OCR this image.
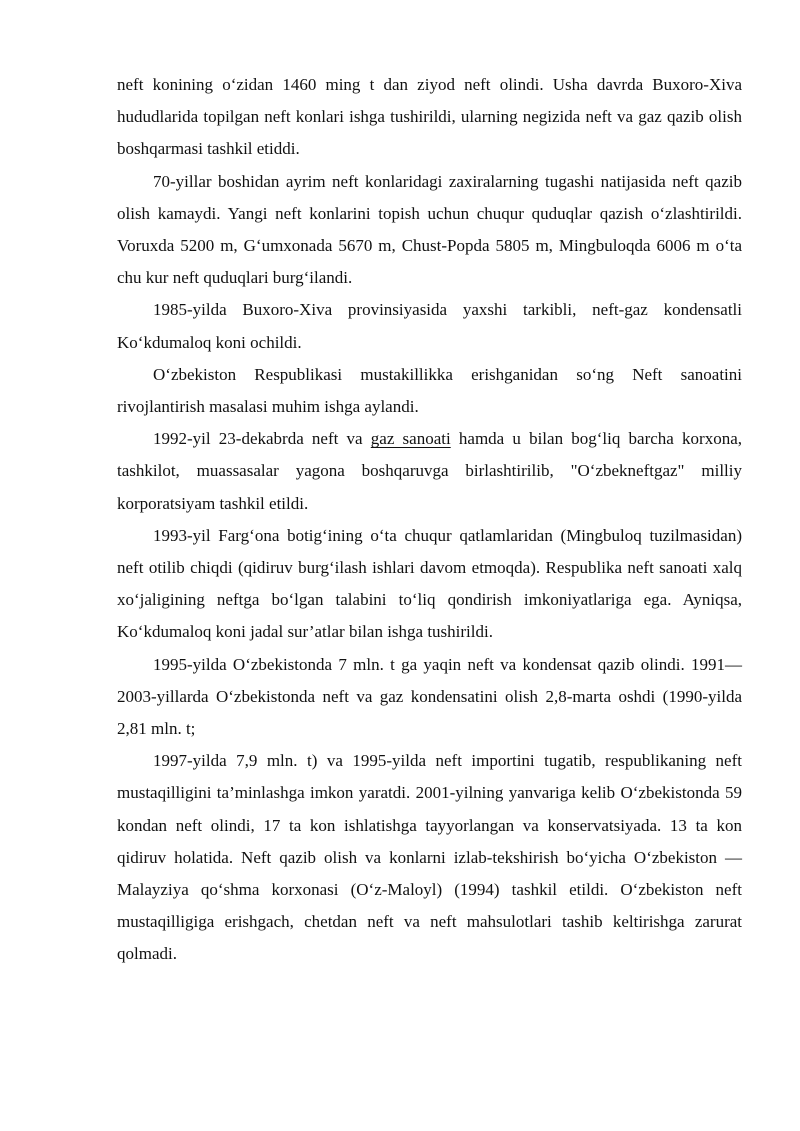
neft konining o‘zidan 1460 ming t dan ziyod neft olindi. Usha davrda Buxoro-Xiva hududlarida topilgan neft konlari ishga tushirildi, ularning negizida neft va gaz qazib olish boshqarmasi tashkil etiddi.

70-yillar boshidan ayrim neft konlaridagi zaxiralarning tugashi natijasida neft qazib olish kamaydi. Yangi neft konlarini topish uchun chuqur quduqlar qazish o‘zlashtirildi. Voruxda 5200 m, G‘umxonada 5670 m, Chust-Popda 5805 m, Mingbuloqda 6006 m o‘ta chu kur neft quduqlari burg‘ilandi.

1985-yilda Buxoro-Xiva provinsiyasida yaxshi tarkibli, neft-gaz kondensatli Ko‘kdumaloq koni ochildi.

O‘zbekiston Respublikasi mustakillikka erishganidan so‘ng Neft sanoatini rivojlantirish masalasi muhim ishga aylandi.

1992-yil 23-dekabrda neft va gaz sanoati hamda u bilan bog‘liq barcha korxona, tashkilot, muassasalar yagona boshqaruvga birlashtirilib, "O‘zbekneftgaz" milliy korporatsiyam tashkil etildi.

1993-yil Farg‘ona botig‘ining o‘ta chuqur qatlamlaridan (Mingbuloq tuzilmasidan) neft otilib chiqdi (qidiruv burg‘ilash ishlari davom etmoqda). Respublika neft sanoati xalq xo‘jaligining neftga bo‘lgan talabini to‘liq qondirish imkoniyatlariga ega. Ayniqsa, Ko‘kdumaloq koni jadal sur’atlar bilan ishga tushirildi.

1995-yilda O‘zbekistonda 7 mln. t ga yaqin neft va kondensat qazib olindi. 1991—2003-yillarda O‘zbekistonda neft va gaz kondensatini olish 2,8-marta oshdi (1990-yilda 2,81 mln. t;

1997-yilda 7,9 mln. t) va 1995-yilda neft importini tugatib, respublikaning neft mustaqilligini ta’minlashga imkon yaratdi. 2001-yilning yanvariga kelib O‘zbekistonda 59 kondan neft olindi, 17 ta kon ishlatishga tayyorlangan va konservatsiyada. 13 ta kon qidiruv holatida. Neft qazib olish va konlarni izlab-tekshirish bo‘yicha O‘zbekiston — Malayziya qo‘shma korxonasi (O‘z-Maloyl) (1994) tashkil etildi. O‘zbekiston neft mustaqilligiga erishgach, chetdan neft va neft mahsulotlari tashib keltirishga zarurat qolmadi.
